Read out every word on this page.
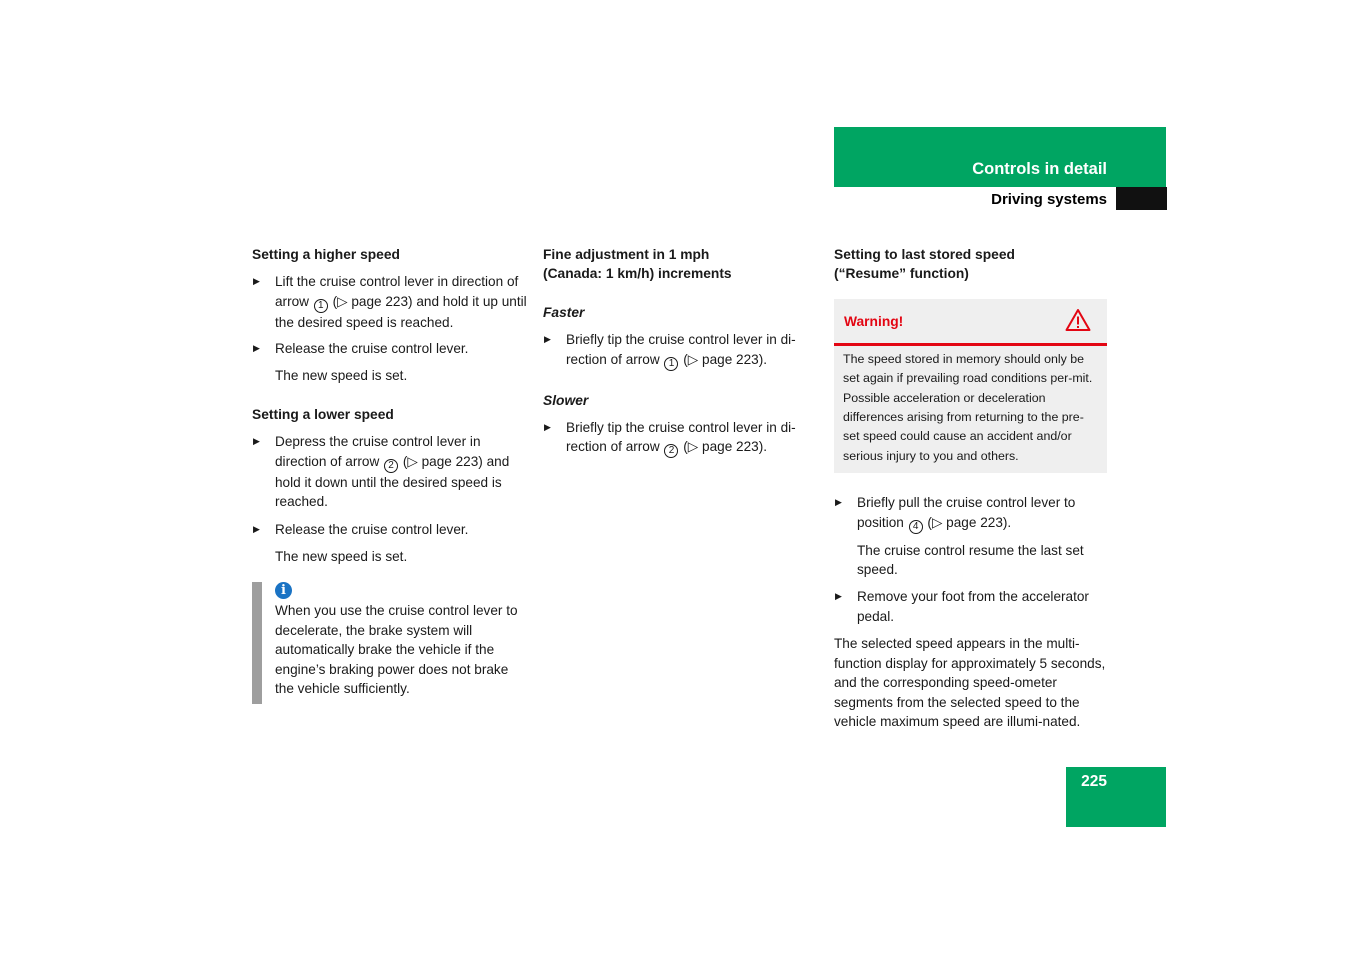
Controls in detail
Driving systems
Setting a higher speed

▶ Lift the cruise control lever in direction of arrow 1 (▷ page 223) and hold it up until the desired speed is reached.

▶ Release the cruise control lever.

The new speed is set.

Setting a lower speed

▶ Depress the cruise control lever in direction of arrow 2 (▷ page 223) and hold it down until the desired speed is reached.

▶ Release the cruise control lever.

The new speed is set.

i

When you use the cruise control lever to decelerate, the brake system will automatically brake the vehicle if the engine’s braking power does not brake the vehicle sufficiently.

Fine adjustment in 1 mph
(Canada: 1 km/h) increments
Faster

▶ Briefly tip the cruise control lever in di-rection of arrow 1 (▷ page 223).

Slower

▶ Briefly tip the cruise control lever in di-rection of arrow 2 (▷ page 223).

Setting to last stored speed
(“Resume” function)
Warning!

The speed stored in memory should only be set again if prevailing road conditions per-mit. Possible acceleration or deceleration differences arising from returning to the pre-set speed could cause an accident and/or serious injury to you and others.

▶ Briefly pull the cruise control lever to position 4 (▷ page 223).

The cruise control resume the last set speed.

▶ Remove your foot from the accelerator pedal.

The selected speed appears in the multi-function display for approximately 5 seconds, and the corresponding speed-ometer segments from the selected speed to the vehicle maximum speed are illumi-nated.

225
